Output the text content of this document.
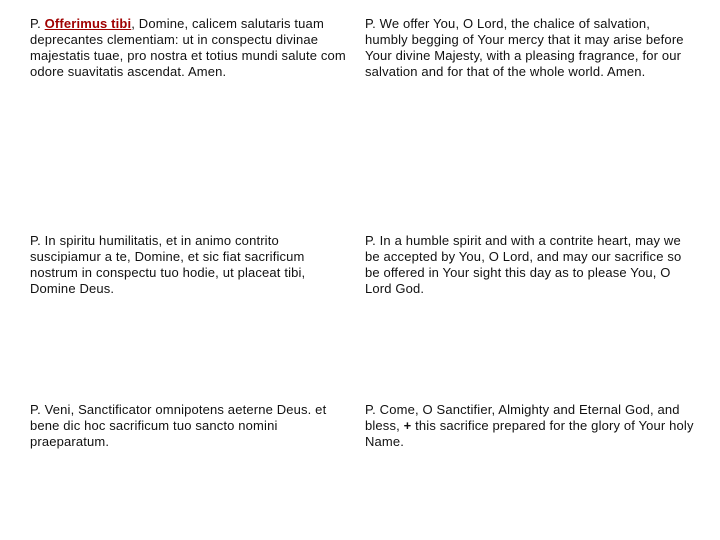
P. Offerimus tibi, Domine, calicem salutaris tuam deprecantes clementiam: ut in conspectu divinae majestatis tuae, pro nostra et totius mundi salute com odore suavitatis ascendat. Amen.

P. We offer You, O Lord, the chalice of salvation, humbly begging of Your mercy that it may arise before Your divine Majesty, with a pleasing fragrance, for our salvation and for that of the whole world. Amen.

P. In spiritu humilitatis, et in animo contrito suscipiamur a te, Domine, et sic fiat sacrificum nostrum in conspectu tuo hodie, ut placeat tibi, Domine Deus.

P. In a humble spirit and with a contrite heart, may we be accepted by You, O Lord, and may our sacrifice so be offered in Your sight this day as to please You, O Lord God.

P. Veni, Sanctificator omnipotens aeterne Deus. et bene dic hoc sacrificum tuo sancto nomini praeparatum.

P. Come, O Sanctifier, Almighty and Eternal God, and bless, + this sacrifice prepared for the glory of Your holy Name.
